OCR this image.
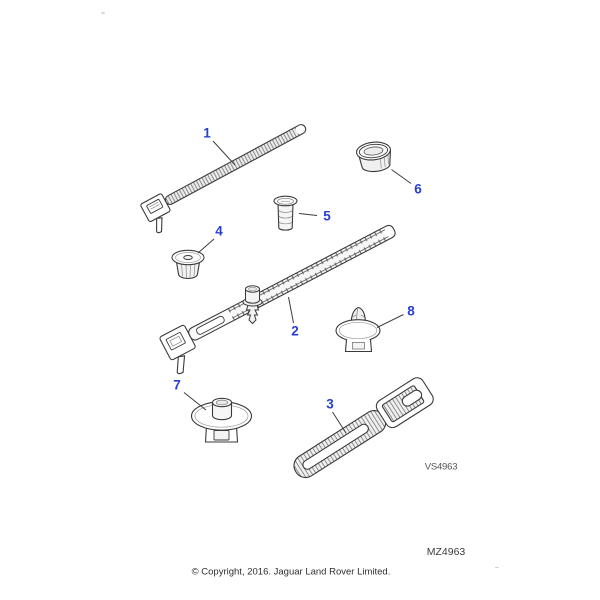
1
2
3
4
5
6
7
8
VS4963
MZ4963
© Copyright, 2016. Jaguar Land Rover Limited.
